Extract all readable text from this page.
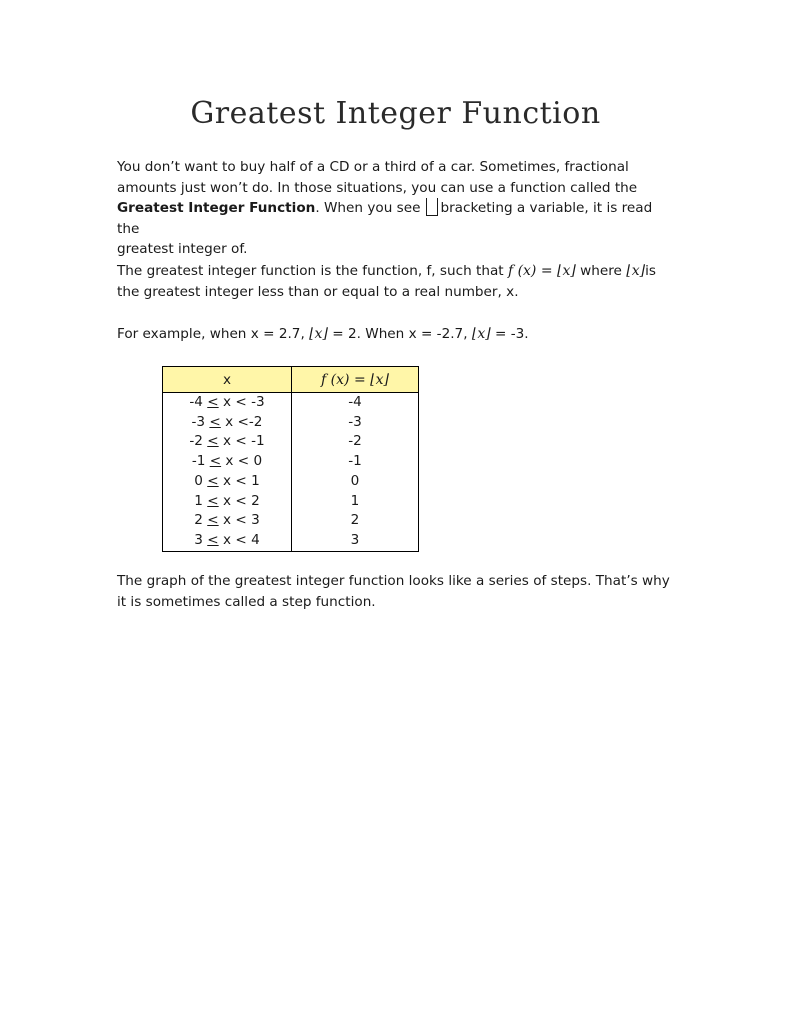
Greatest Integer Function

You don’t want to buy half of a CD or a third of a car. Sometimes, fractional
amounts just won’t do. In those situations, you can use a function called the
Greatest Integer Function. When you see bracketing a variable, it is read the
greatest integer of.

The greatest integer function is the function, f, such that f (x) = ⌊x⌋ where ⌊x⌋is
the greatest integer less than or equal to a real number, x.

For example, when x = 2.7, ⌊x⌋ = 2. When x = -2.7, ⌊x⌋ = -3.

x	f (x) = ⌊x⌋
-4 < x < -3	-4
-3 < x <-2	-3
-2 < x < -1	-2
-1 < x < 0	-1
0 < x < 1	0
1 < x < 2	1
2 < x < 3	2
3 < x < 4	3

The graph of the greatest integer function looks like a series of steps. That’s why
it is sometimes called a step function.
